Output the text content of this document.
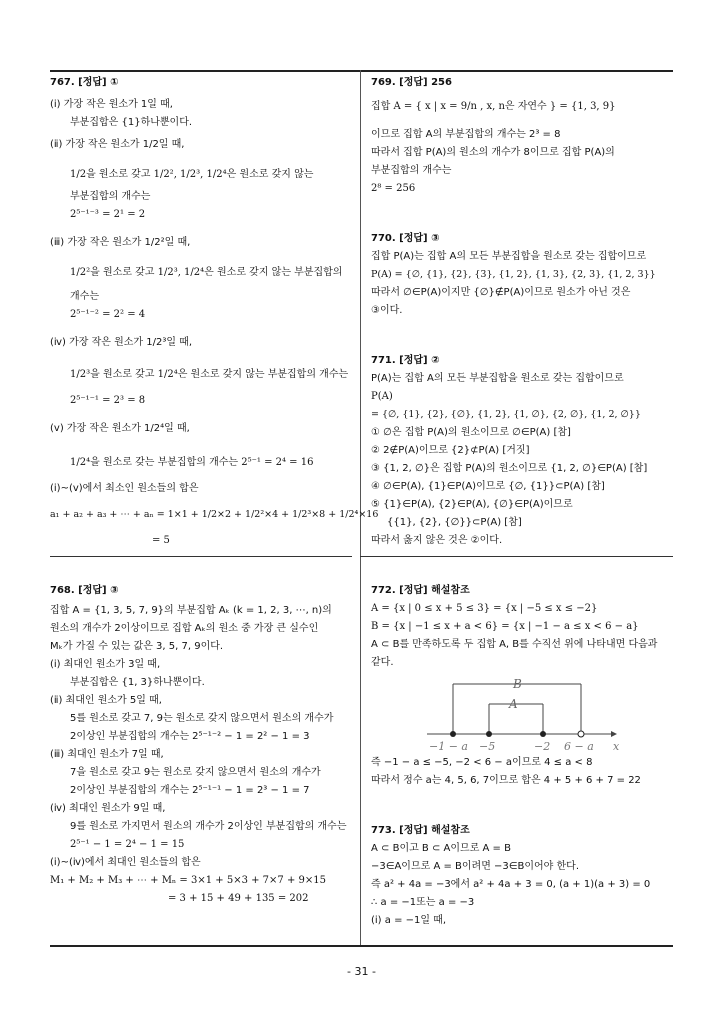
767. [정답] ①
(ⅰ) 가장 작은 원소가 1일 때,
부분집합은 {1}하나뿐이다.
(ⅱ) 가장 작은 원소가 1/2일 때,
1/2을 원소로 갖고 1/2², 1/2³, 1/2⁴은 원소로 갖지 않는
부분집합의 개수는
2⁵⁻¹⁻³ = 2¹ = 2
(ⅲ) 가장 작은 원소가 1/2²일 때,
1/2²을 원소로 갖고 1/2³, 1/2⁴은 원소로 갖지 않는 부분집합의
개수는
2⁵⁻¹⁻² = 2² = 4
(ⅳ) 가장 작은 원소가 1/2³일 때,
1/2³을 원소로 갖고 1/2⁴은 원소로 갖지 않는 부분집합의 개수는
2⁵⁻¹⁻¹ = 2³ = 8
(ⅴ) 가장 작은 원소가 1/2⁴일 때,
1/2⁴을 원소로 갖는 부분집합의 개수는 2⁵⁻¹ = 2⁴ = 16
(ⅰ)~(ⅴ)에서 최소인 원소들의 합은
a₁ + a₂ + a₃ + ⋯ + aₙ = 1×1 + 1/2×2 + 1/2²×4 + 1/2³×8 + 1/2⁴×16
= 5
768. [정답] ③
집합 A = {1, 3, 5, 7, 9}의 부분집합 Aₖ (k = 1, 2, 3, ⋯, n)의
원소의 개수가 2이상이므로 집합 Aₖ의 원소 중 가장 큰 실수인
Mₖ가 가질 수 있는 값은 3, 5, 7, 9이다.
(ⅰ) 최대인 원소가 3일 때,
부분집합은 {1, 3}하나뿐이다.
(ⅱ) 최대인 원소가 5일 때,
5를 원소로 갖고 7, 9는 원소로 갖지 않으면서 원소의 개수가
2이상인 부분집합의 개수는 2⁵⁻¹⁻² − 1 = 2² − 1 = 3
(ⅲ) 최대인 원소가 7일 때,
7을 원소로 갖고 9는 원소로 갖지 않으면서 원소의 개수가
2이상인 부분집합의 개수는 2⁵⁻¹⁻¹ − 1 = 2³ − 1 = 7
(ⅳ) 최대인 원소가 9일 때,
9를 원소로 가지면서 원소의 개수가 2이상인 부분집합의 개수는
2⁵⁻¹ − 1 = 2⁴ − 1 = 15
(ⅰ)~(ⅳ)에서 최대인 원소들의 합은
M₁ + M₂ + M₃ + ⋯ + Mₙ = 3×1 + 5×3 + 7×7 + 9×15
= 3 + 15 + 49 + 135 = 202
769. [정답] 256
집합 A = { x | x = 9/n , x, n은 자연수 } = {1, 3, 9}
이므로 집합 A의 부분집합의 개수는 2³ = 8
따라서 집합 P(A)의 원소의 개수가 8이므로 집합 P(A)의
부분집합의 개수는
2⁸ = 256
770. [정답] ③
집합 P(A)는 집합 A의 모든 부분집합을 원소로 갖는 집합이므로
P(A) = {∅, {1}, {2}, {3}, {1, 2}, {1, 3}, {2, 3}, {1, 2, 3}}
따라서 ∅∈P(A)이지만 {∅}∉P(A)이므로 원소가 아닌 것은
③이다.
771. [정답] ②
P(A)는 집합 A의 모든 부분집합을 원소로 갖는 집합이므로
P(A)
= {∅, {1}, {2}, {∅}, {1, 2}, {1, ∅}, {2, ∅}, {1, 2, ∅}}
① ∅은 집합 P(A)의 원소이므로 ∅∈P(A) [참]
② 2∉P(A)이므로 {2}⊄P(A) [거짓]
③ {1, 2, ∅}은 집합 P(A)의 원소이므로 {1, 2, ∅}∈P(A) [참]
④ ∅∈P(A), {1}∈P(A)이므로 {∅, {1}}⊂P(A) [참]
⑤ {1}∈P(A), {2}∈P(A), {∅}∈P(A)이므로
{{1}, {2}, {∅}}⊂P(A) [참]
따라서 옳지 않은 것은 ②이다.
772. [정답] 해설참조
A = {x | 0 ≤ x + 5 ≤ 3} = {x | −5 ≤ x ≤ −2}
B = {x | −1 ≤ x + a < 6} = {x | −1 − a ≤ x < 6 − a}
A ⊂ B를 만족하도록 두 집합 A, B를 수직선 위에 나타내면 다음과
같다.
B
A
−1 − a −5	−2 6 − a x
즉 −1 − a ≤ −5, −2 < 6 − a이므로 4 ≤ a < 8
따라서 정수 a는 4, 5, 6, 7이므로 합은 4 + 5 + 6 + 7 = 22
773. [정답] 해설참조
A ⊂ B이고 B ⊂ A이므로 A = B
−3∈A이므로 A = B이려면 −3∈B이어야 한다.
즉 a² + 4a = −3에서 a² + 4a + 3 = 0, (a + 1)(a + 3) = 0
∴ a = −1또는 a = −3
(ⅰ) a = −1일 때,
- 31 -
